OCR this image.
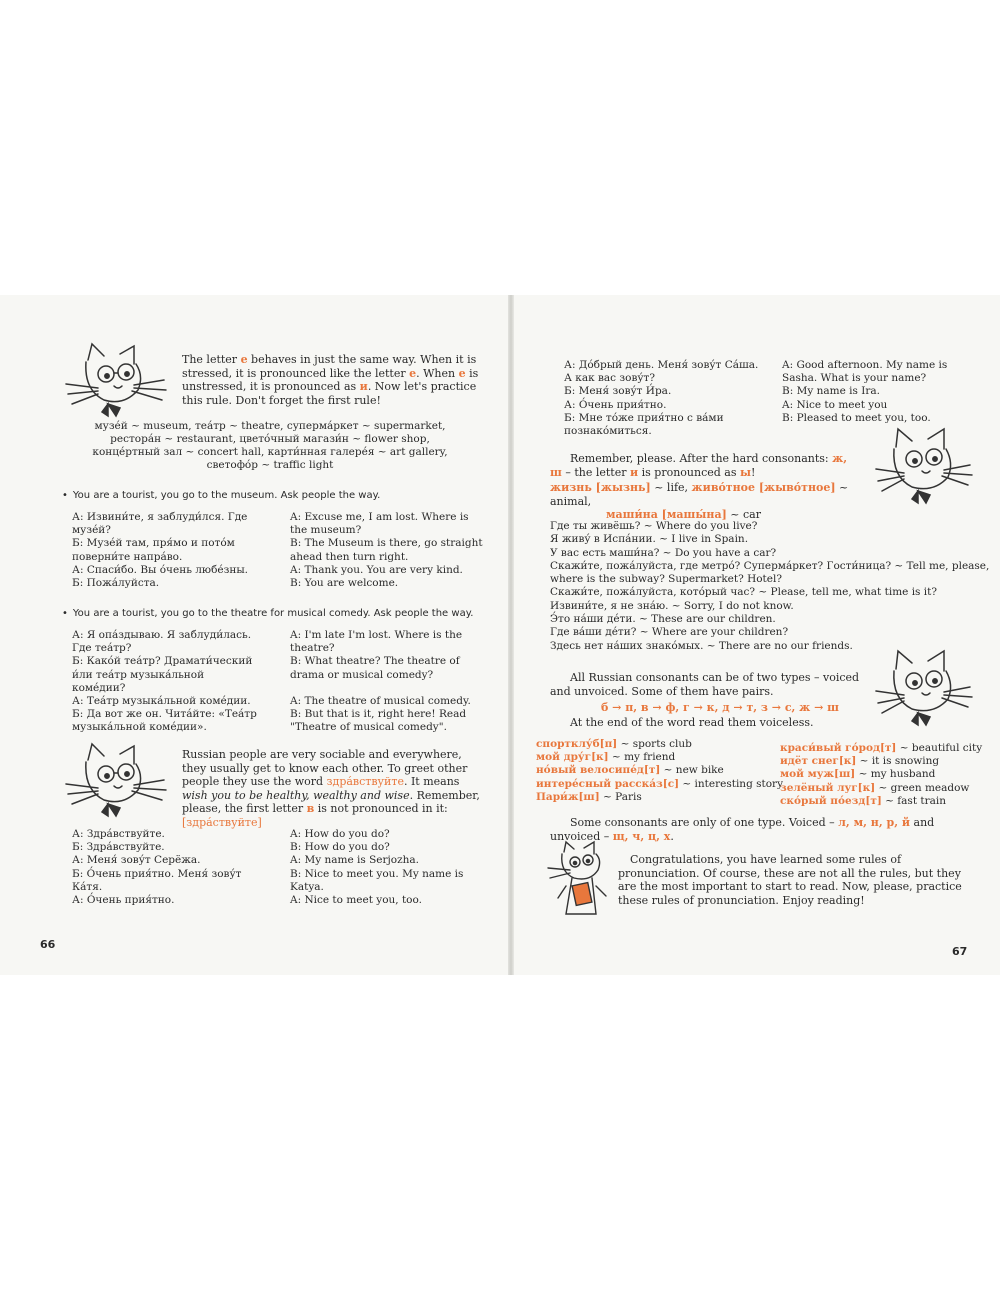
The letter е behaves in just the same way. When it is stressed, it is pronounced like the letter е. When е is unstressed, it is pronounced as и. Now let's practice this rule. Don't forget the first rule!
музе́й ~ museum, теа́тр ~ theatre, суперма́ркет ~ supermarket,
рестора́н ~ restaurant, цвето́чный магази́н ~ flower shop,
конце́ртный зал ~ concert hall, карти́нная галере́я ~ art gallery,
светофо́р ~ traffic light
• You are a tourist, you go to the museum. Ask people the way.
А: Извини́те, я заблуди́лся. Где
музе́й?
Б: Музе́й там, пря́мо и пото́м
поверни́те напра́во.
А: Спаси́бо. Вы о́чень любе́зны.
Б: Пожа́луйста.
A: Excuse me, I am lost. Where is
the museum?
B: The Museum is there, go straight
ahead then turn right.
A: Thank you. You are very kind.
B: You are welcome.
• You are a tourist, you go to the theatre for musical comedy. Ask people the way.
А: Я опа́здываю. Я заблуди́лась.
Где теа́тр?
Б: Како́й теа́тр? Драмати́ческий
и́ли теа́тр музыка́льной
коме́дии?
А: Теа́тр музыка́льной коме́дии.
Б: Да вот же он. Чита́йте: «Теа́тр
музыка́льной коме́дии».
A: I'm late I'm lost. Where is the
theatre?
B: What theatre? The theatre of
drama or musical comedy?
A: The theatre of musical comedy.
B: But that is it, right here! Read
"Theatre of musical comedy".
Russian people are very sociable and everywhere, they usually get to know each other. To greet other people they use the word здра́вствуйте. It means wish you to be healthy, wealthy and wise. Remember, please, the first letter в is not pronounced in it: [здра́ствуйте]
А: Здра́вствуйте.
Б: Здра́вствуйте.
А: Меня́ зову́т Серёжа.
Б: О́чень прия́тно. Меня́ зову́т
Ка́тя.
А: О́чень прия́тно.
A: How do you do?
B: How do you do?
A: My name is Serjozha.
B: Nice to meet you. My name is
Katya.
A: Nice to meet you, too.
66
А: До́брый день. Меня́ зову́т Са́ша.
А как вас зову́т?
Б: Меня́ зову́т И́ра.
А: О́чень прия́тно.
Б: Мне то́же прия́тно с ва́ми
познако́миться.
A: Good afternoon. My name is
Sasha. What is your name?
B: My name is Ira.
A: Nice to meet you
B: Pleased to meet you, too.
Remember, please. After the hard consonants: ж, ш – the letter и is pronounced as ы!
жизнь [жызнь] ~ life, живо́тное [жыво́тное] ~ animal,
маши́на [машы́на] ~ car
Где ты живёшь? ~ Where do you live?
Я живу́ в Испа́нии. ~ I live in Spain.
У вас есть маши́на? ~ Do you have a car?
Скажи́те, пожа́луйста, где метро́? Суперма́ркет? Гости́ница? ~ Tell me, please,
where is the subway? Supermarket? Hotel?
Скажи́те, пожа́луйста, кото́рый час? ~ Please, tell me, what time is it?
Извини́те, я не зна́ю. ~ Sorry, I do not know.
Э́то на́ши де́ти. ~ These are our children.
Где ва́ши де́ти? ~ Where are your children?
Здесь нет на́ших знако́мых. ~ There are no our friends.
All Russian consonants can be of two types – voiced and unvoiced. Some of them have pairs.
б → п, в → ф, г → к, д → т, з → с, ж → ш
At the end of the word read them voiceless.
спортклу́б[п] ~ sports club
мой дру́г[к] ~ my friend
но́вый велосипе́д[т] ~ new bike
интере́сный расска́з[с] ~ interesting story
Пари́ж[ш] ~ Paris
краси́вый го́род[т] ~ beautiful city
идёт снег[к] ~ it is snowing
мой муж[ш] ~ my husband
зелёный луг[к] ~ green meadow
ско́рый по́езд[т] ~ fast train
Some consonants are only of one type. Voiced – л, м, н, р, й and unvoiced – щ, ч, ц, х.
Congratulations, you have learned some rules of pronunciation. Of course, these are not all the rules, but they are the most important to start to read. Now, please, practice these rules of pronunciation. Enjoy reading!
67
